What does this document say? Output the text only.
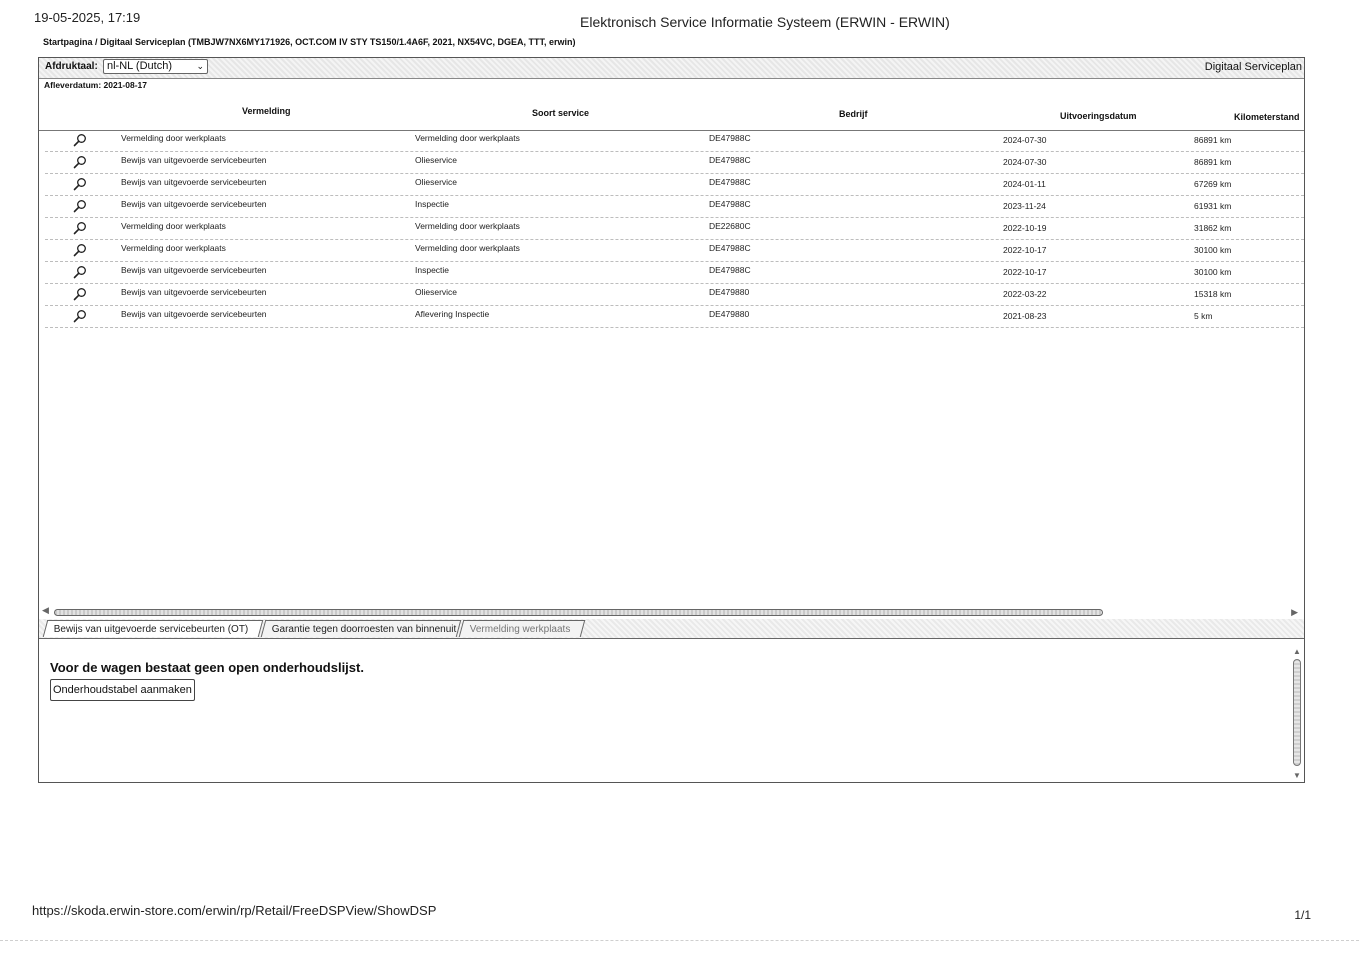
19-05-2025, 17:19	Elektronisch Service Informatie Systeem (ERWIN - ERWIN)
Startpagina / Digitaal Serviceplan (TMBJW7NX6MY171926, OCT.COM IV STY TS150/1.4A6F, 2021, NX54VC, DGEA, TTT, erwin)
Afdruktaal: nl-NL (Dutch)	⌄	Digitaal Serviceplan
Afleverdatum: 2021-08-17
Vermelding	Soort service	Bedrijf	Uitvoeringsdatum	Kilometerstand
Vermelding door werkplaats	Vermelding door werkplaats	DE47988C	2024-07-30	86891 km
Bewijs van uitgevoerde servicebeurten	Olieservice	DE47988C	2024-07-30	86891 km
Bewijs van uitgevoerde servicebeurten	Olieservice	DE47988C	2024-01-11	67269 km
Bewijs van uitgevoerde servicebeurten	Inspectie	DE47988C	2023-11-24	61931 km
Vermelding door werkplaats	Vermelding door werkplaats	DE22680C	2022-10-19	31862 km
Vermelding door werkplaats	Vermelding door werkplaats	DE47988C	2022-10-17	30100 km
Bewijs van uitgevoerde servicebeurten	Inspectie	DE47988C	2022-10-17	30100 km
Bewijs van uitgevoerde servicebeurten	Olieservice	DE479880	2022-03-22	15318 km
Bewijs van uitgevoerde servicebeurten	Aflevering Inspectie	DE479880	2021-08-23	5 km
◀	▶
Bewijs van uitgevoerde servicebeurten (OT)	Garantie tegen doorroesten van binnenuit	Vermelding werkplaats
Voor de wagen bestaat geen open onderhoudslijst.
Onderhoudstabel aanmaken
▲
▼
https://skoda.erwin-store.com/erwin/rp/Retail/FreeDSPView/ShowDSP	1/1
